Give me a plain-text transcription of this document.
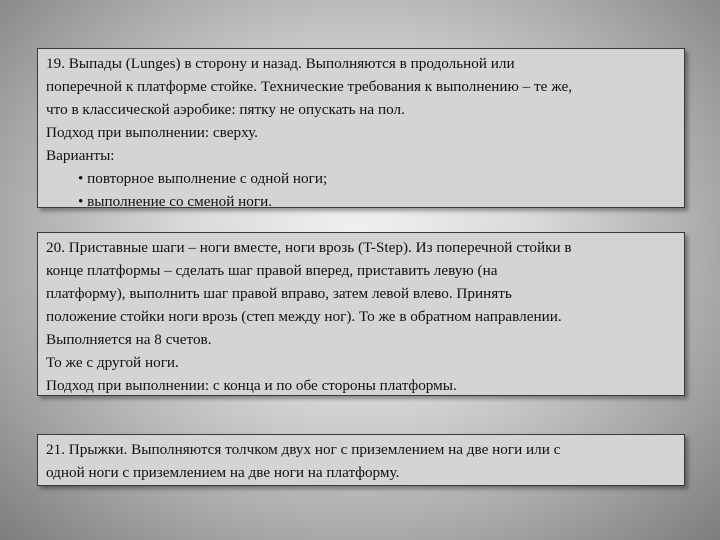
19. Выпады (Lunges) в сторону и назад. Выполняются в продольной или

поперечной к платформе стойке. Технические требования к выполнению – те же,

что в классической аэробике: пятку не опускать на пол.

Подход при выполнении: сверху.

Варианты:

• повторное выполнение с одной ноги;

• выполнение со сменой ноги.

20. Приставные шаги – ноги вместе, ноги врозь (T-Step). Из поперечной стойки в

конце платформы – сделать шаг правой вперед, приставить левую (на

платформу), выполнить шаг правой вправо, затем левой влево. Принять

положение стойки ноги врозь (степ между ног). То же в обратном направлении.

Выполняется на 8 счетов.

То же с другой ноги.

Подход при выполнении: с конца и по обе стороны платформы.

21. Прыжки. Выполняются толчком двух ног с приземлением на две ноги или с

одной ноги с приземлением на две ноги на платформу.
